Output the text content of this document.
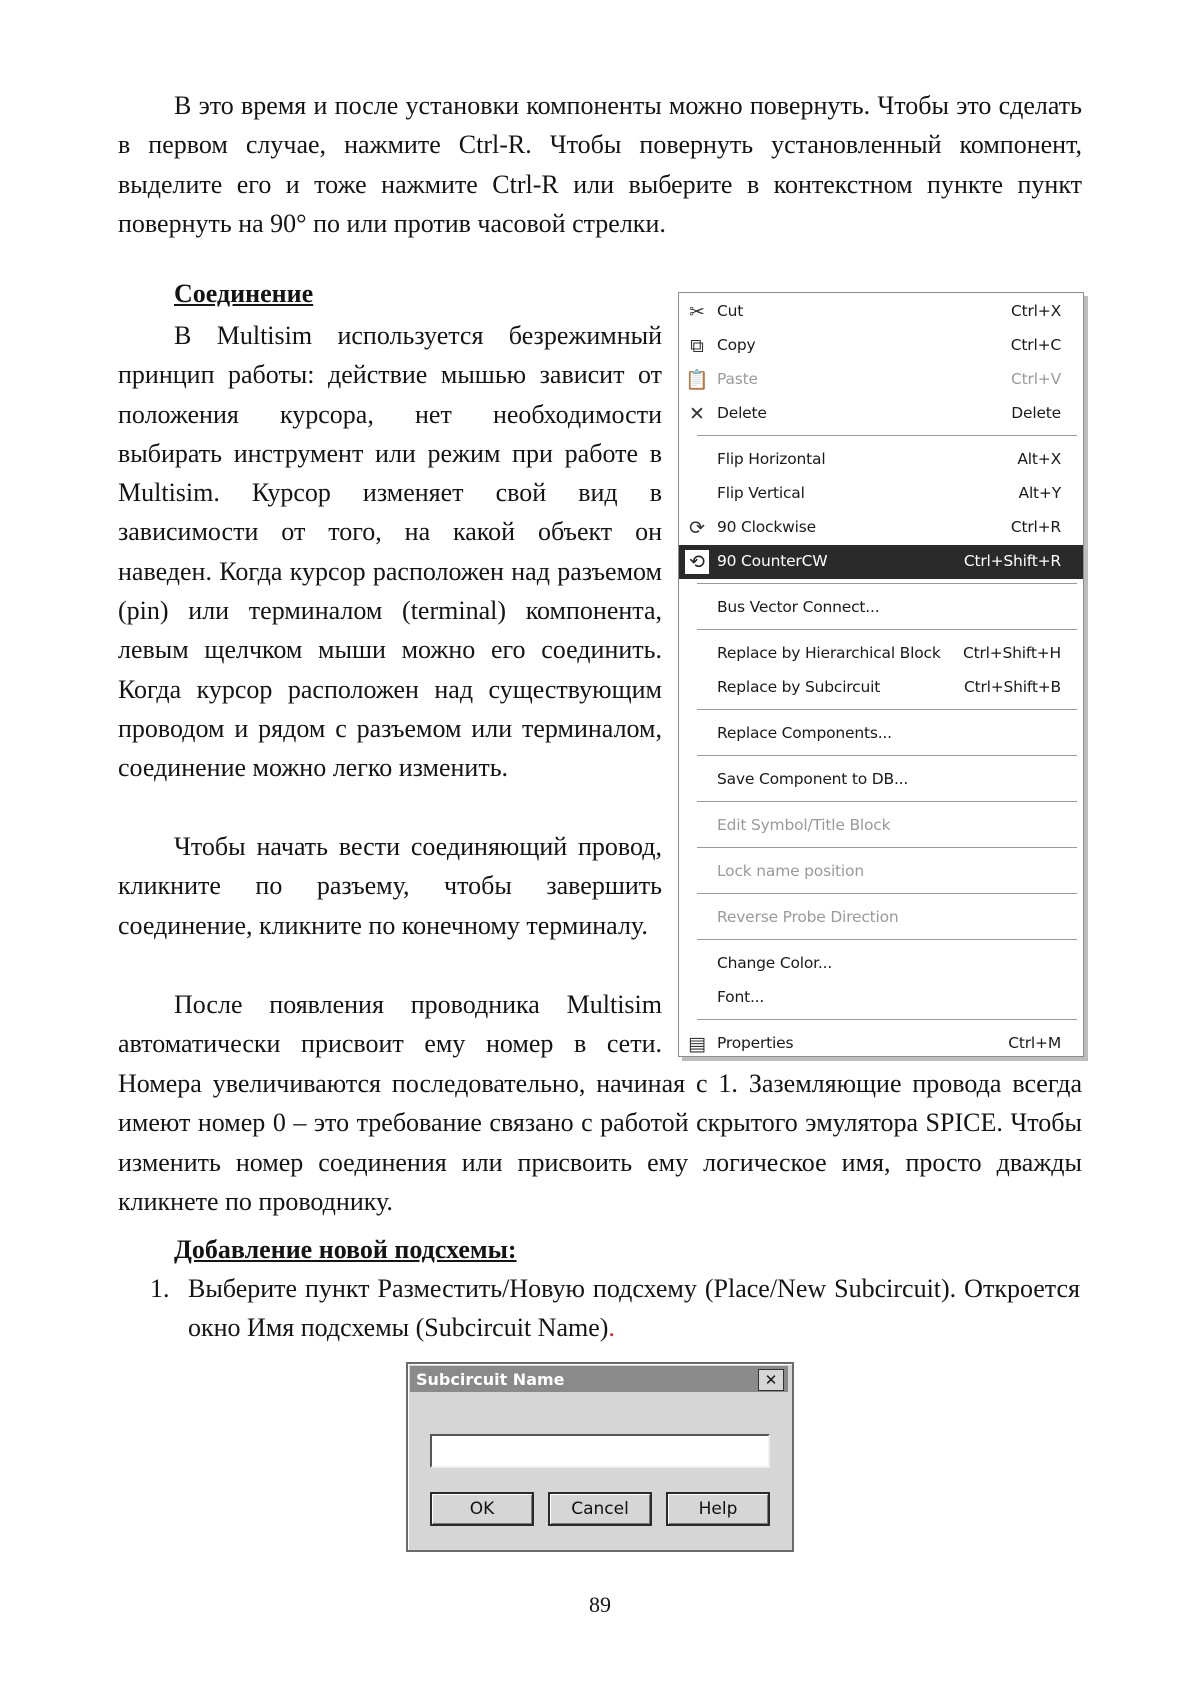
В это время и после установки компоненты можно повернуть. Чтобы это сделать в первом случае, нажмите Ctrl-R. Чтобы повернуть установленный компонент, выделите его и тоже нажмите Ctrl-R или выберите в контекстном пункте пункт повернуть на 90° по или против часовой стрелки.

Соединение

В Multisim используется безрежимный принцип работы: действие мышью зависит от положения курсора, нет необходимости выбирать инструмент или режим при работе в Multisim. Курсор изменяет свой вид в зависимости от того, на какой объект он наведен. Когда курсор расположен над разъемом (pin) или терминалом (terminal) компонента, левым щелчком мыши можно его соединить. Когда курсор расположен над существующим проводом и рядом с разъемом или терминалом, соединение можно легко изменить.

Чтобы начать вести соединяющий провод, кликните по разъему, чтобы завершить соединение, кликните по конечному терминалу.

После появления проводника Multisim автоматически присвоит ему номер в сети.

Номера увеличиваются последовательно, начиная с 1. Заземляющие провода всегда имеют номер 0 – это требование связано с работой скрытого эмулятора SPICE. Чтобы изменить номер соединения или присвоить ему логическое имя, просто дважды кликнете по проводнику.

Добавление новой подсхемы:

1. Выберите пункт Разместить/Новую подсхему (Place/New Subcircuit). Откроется окно Имя подсхемы (Subcircuit Name).
✂ Cut	Ctrl+X
⧉ Copy	Ctrl+C
📋 Paste	Ctrl+V
✕ Delete	Delete
Flip Horizontal	Alt+X
Flip Vertical	Alt+Y
⟳ 90 Clockwise	Ctrl+R
⟲ 90 CounterCW	Ctrl+Shift+R
Bus Vector Connect...
Replace by Hierarchical Block Ctrl+Shift+H
Replace by Subcircuit	Ctrl+Shift+B
Replace Components...
Save Component to DB...
Edit Symbol/Title Block
Lock name position
Reverse Probe Direction
Change Color...
Font...
▤ Properties	Ctrl+M
Subcircuit Name	✕
OK	Cancel	Help
89
